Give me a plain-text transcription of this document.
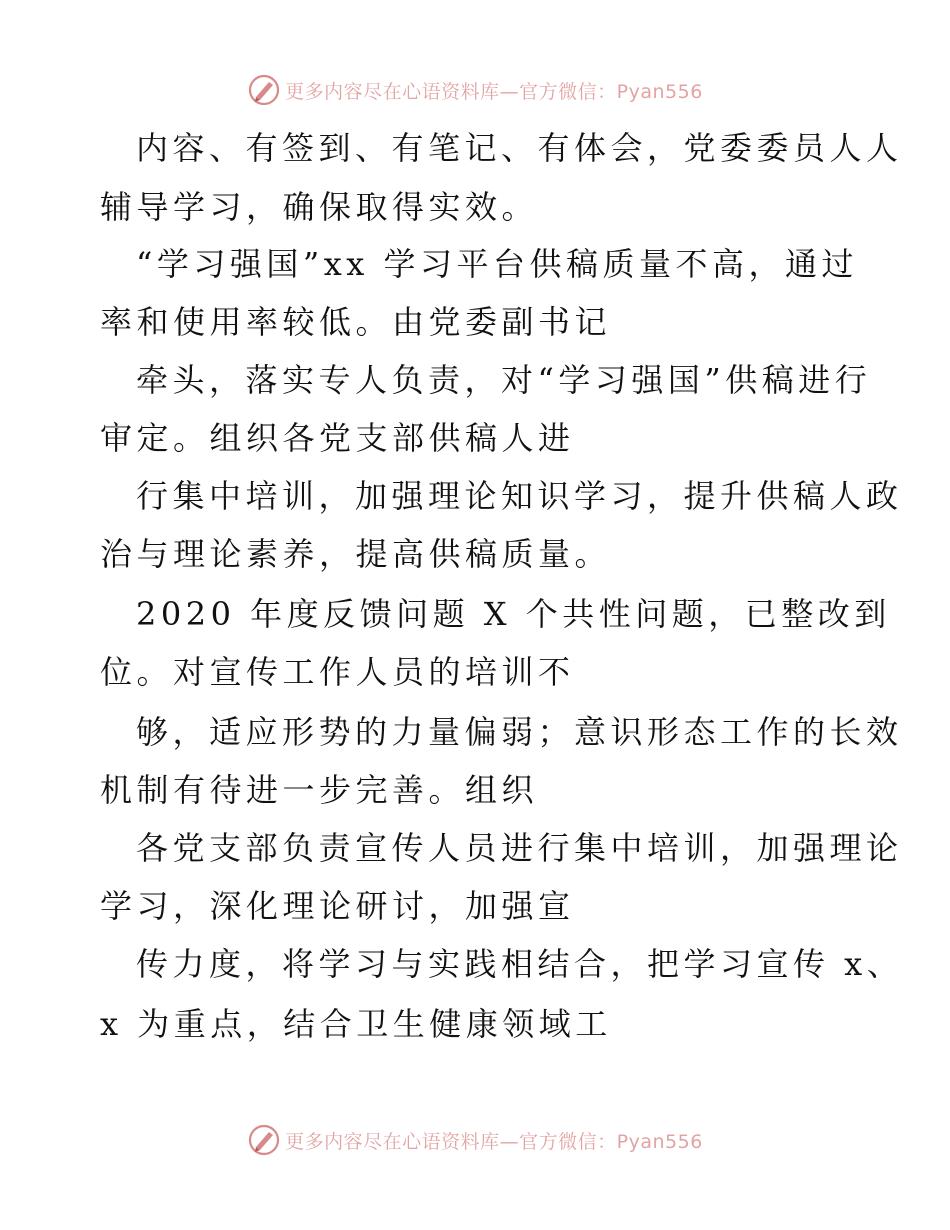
更多内容尽在心语资料库—官方微信：Pyan556
内容、有签到、有笔记、有体会，党委委员人人
辅导学习，确保取得实效。
“学习强国”xx 学习平台供稿质量不高，通过
率和使用率较低。由党委副书记
牵头，落实专人负责，对“学习强国”供稿进行
审定。组织各党支部供稿人进
行集中培训，加强理论知识学习，提升供稿人政
治与理论素养，提高供稿质量。
2020 年度反馈问题 X 个共性问题，已整改到
位。对宣传工作人员的培训不
够，适应形势的力量偏弱；意识形态工作的长效
机制有待进一步完善。组织
各党支部负责宣传人员进行集中培训，加强理论
学习，深化理论研讨，加强宣
传力度，将学习与实践相结合，把学习宣传 x、
x 为重点，结合卫生健康领域工
更多内容尽在心语资料库—官方微信：Pyan556
